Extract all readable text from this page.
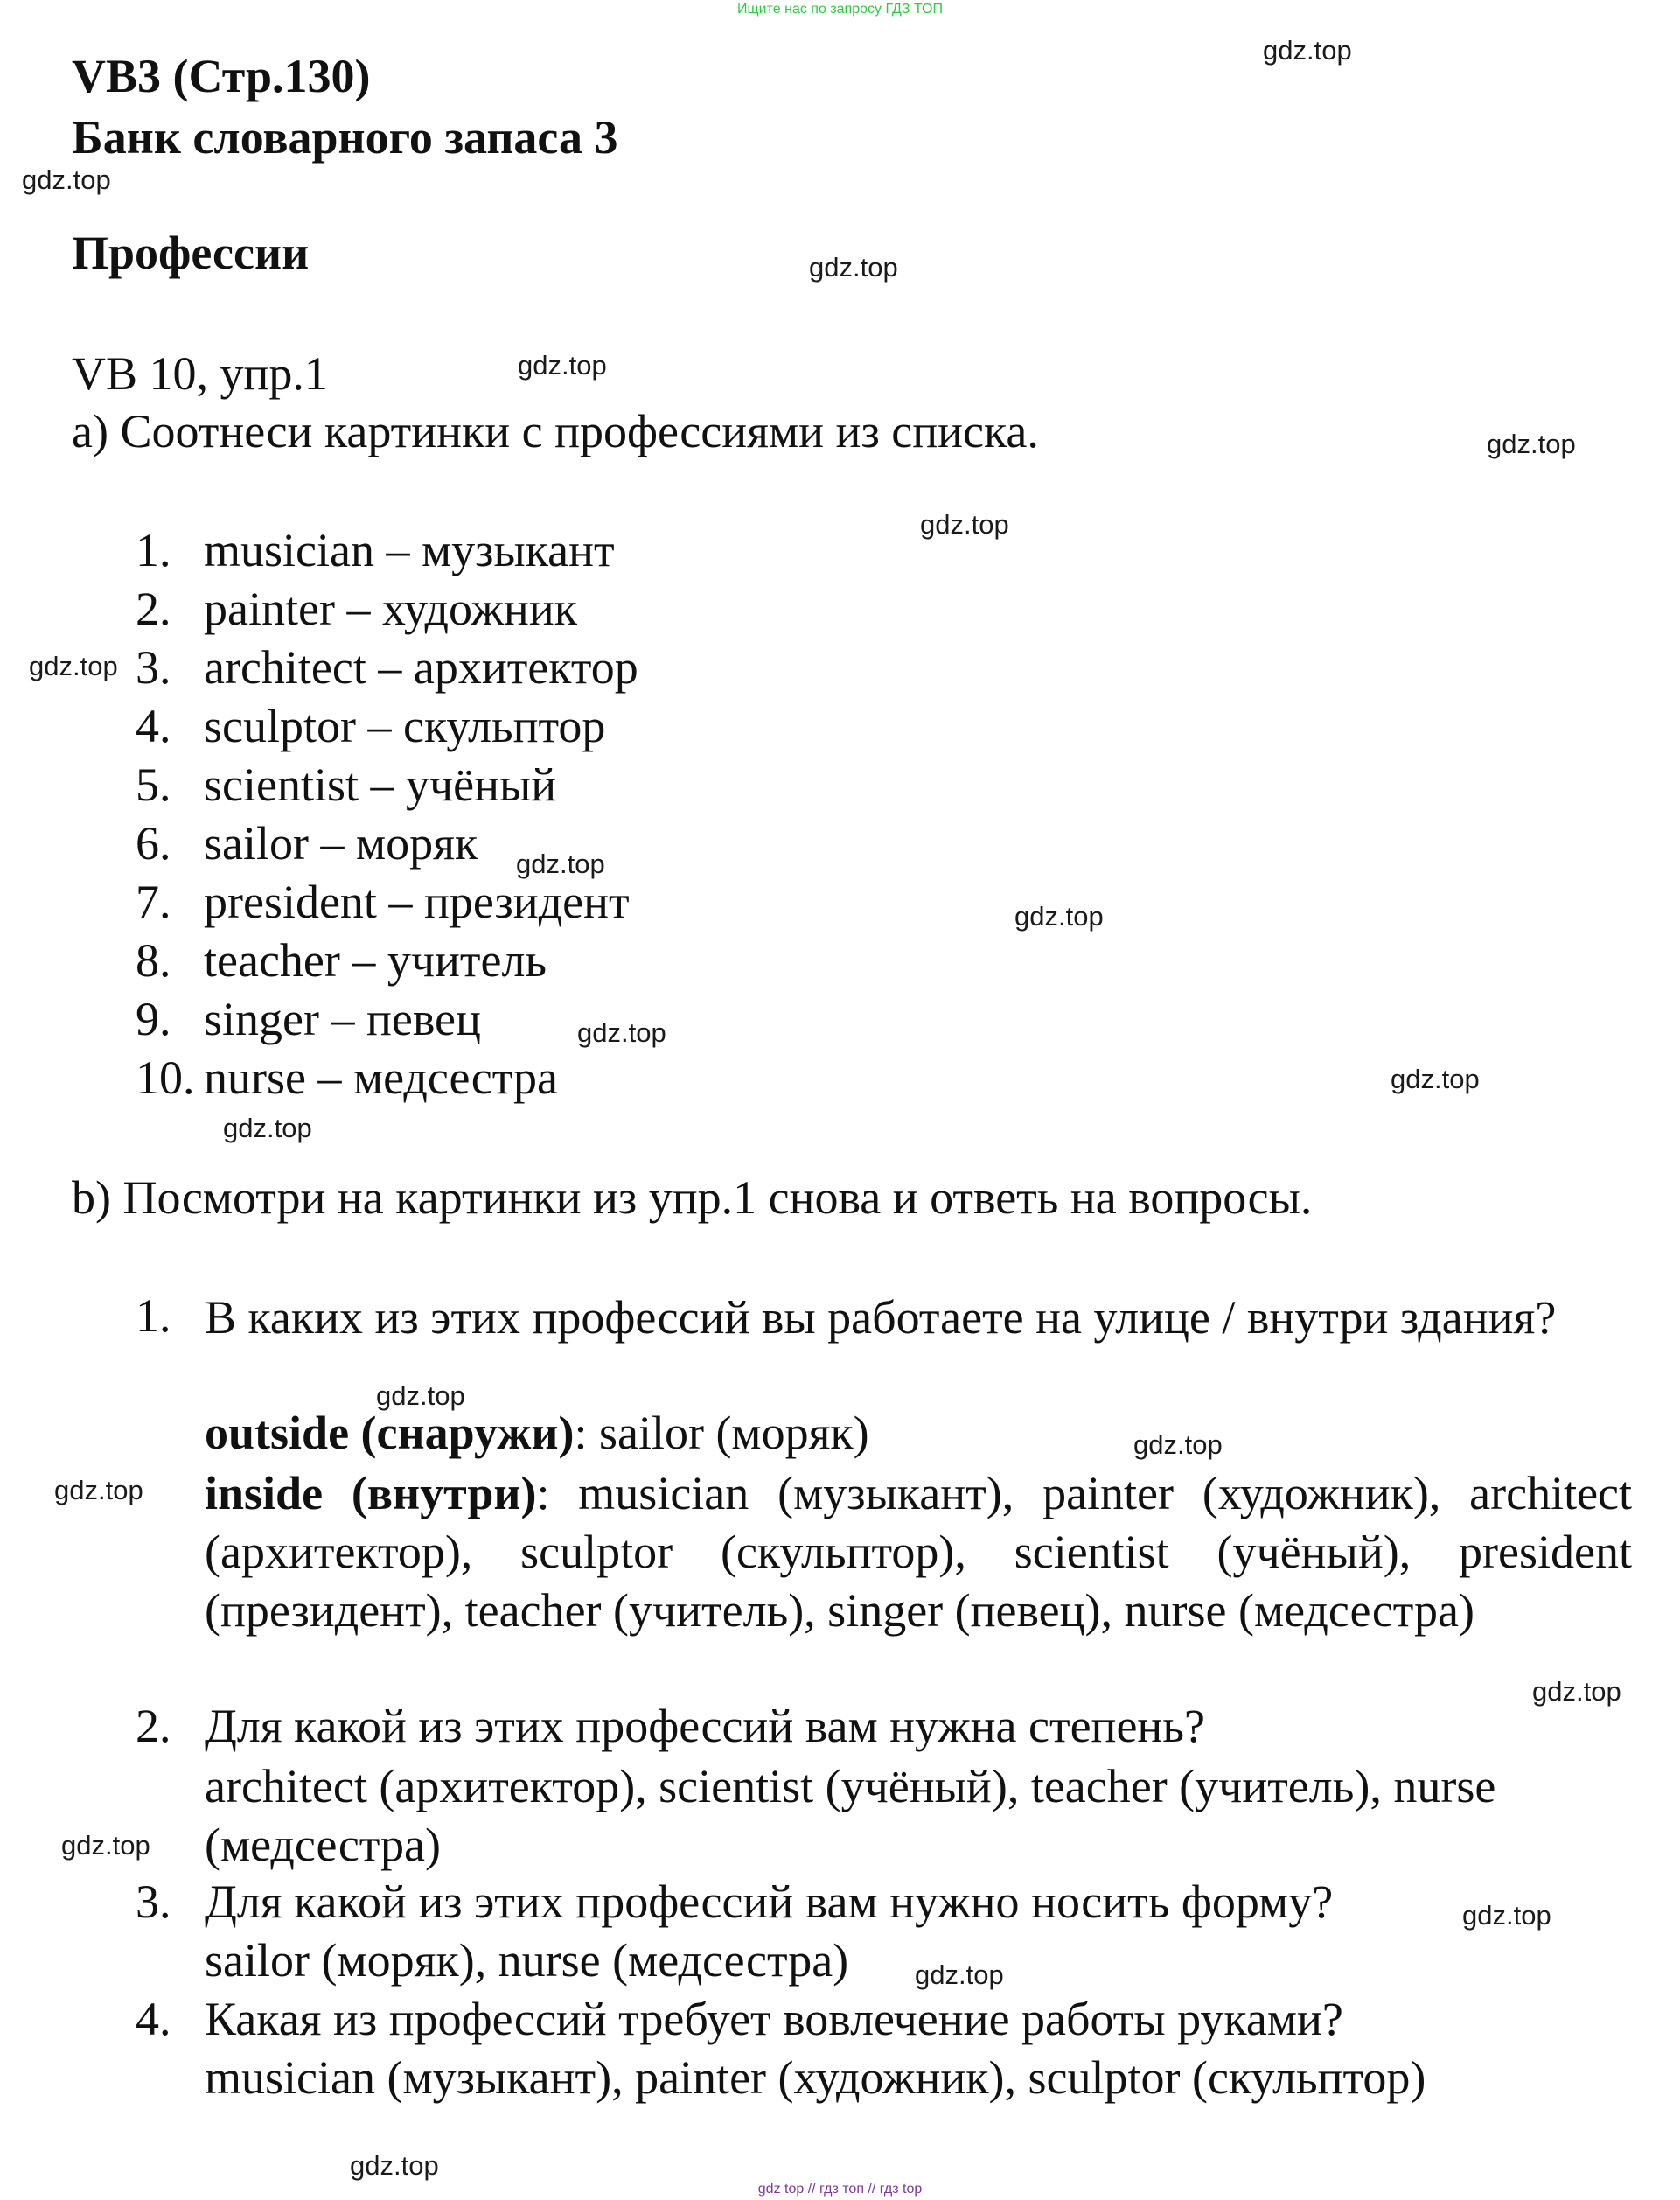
Ищите нас по запросу ГДЗ ТОП
VB3 (Стр.130)
Банк словарного запаса 3
Профессии
VB 10, упр.1
a) Соотнеси картинки с профессиями из списка.
1. musician – музыкант
2. painter – художник
3. architect – архитектор
4. sculptor – скульптор
5. scientist – учёный
6. sailor – моряк
7. president – президент
8. teacher – учитель
9. singer – певец
10. nurse – медсестра
b) Посмотри на картинки из упр.1 снова и ответь на вопросы.
1. В каких из этих профессий вы работаете на улице / внутри здания?
outside (снаружи): sailor (моряк)
inside (внутри): musician (музыкант), painter (художник), architect (архитектор), sculptor (скульптор), scientist (учёный), president (президент), teacher (учитель), singer (певец), nurse (медсестра)
2. Для какой из этих профессий вам нужна степень?
architect (архитектор), scientist (учёный), teacher (учитель), nurse (медсестра)
3. Для какой из этих профессий вам нужно носить форму?
sailor (моряк), nurse (медсестра)
4. Какая из профессий требует вовлечение работы руками?
musician (музыкант), painter (художник), sculptor (скульптор)
gdz.top
gdz.top
gdz.top
gdz.top
gdz.top
gdz.top
gdz.top
gdz.top
gdz.top
gdz.top
gdz.top
gdz.top
gdz.top
gdz.top
gdz.top
gdz.top
gdz.top
gdz.top
gdz.top
gdz.top
gdz top // гдз топ // гдз top
